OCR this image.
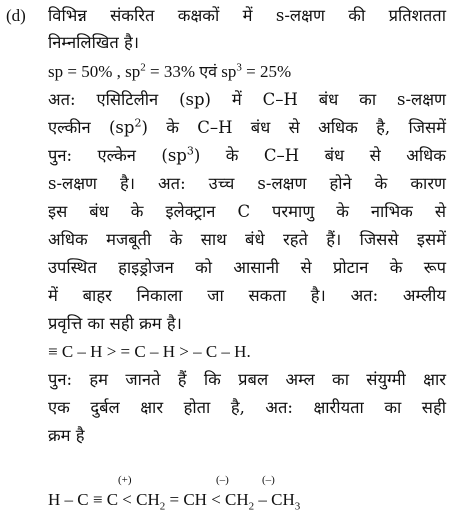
(d) विभिन्न संकरित कक्षकों में s-लक्षण की प्रतिशतता
निम्नलिखित है।
sp = 50% , $sp^2 = 33\%$ एवं $sp^3 = 25\%$
अत: एसिटिलीन (sp) में C–H बंध का s-लक्षण
एल्कीन $(sp^2)$ के C–H बंध से अधिक है, जिसमें
पुन: एल्केन $(sp^3)$ के C–H बंध से अधिक
s-लक्षण है। अत: उच्च s-लक्षण होने के कारण
इस बंध के इलेक्ट्रान C परमाणु के नाभिक से
अधिक मजबूती के साथ बंधे रहते हैं। जिससे इसमें
उपस्थित हाइड्रोजन को आसानी से प्रोटान के रूप
में बाहर निकाला जा सकता है। अत: अम्लीय
प्रवृत्ति का सही क्रम है।
≡ C – H > = C – H > – C – H.
पुन: हम जानते हैं कि प्रबल अम्ल का संयुग्मी क्षार
एक दुर्बल क्षार होता है, अत: क्षारीयता का सही
क्रम है
(+)	(–)	(–)
$H - C \equiv C < CH_2$ = CH < $CH_2 - CH_3$
